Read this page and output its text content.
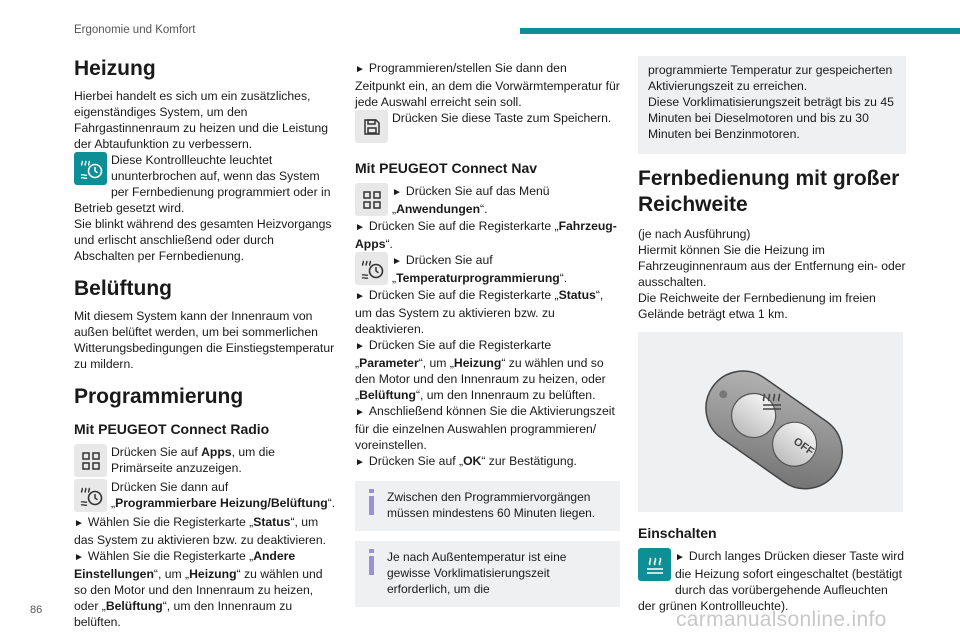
Ergonomie und Komfort
Heizung

Hierbei handelt es sich um ein zusätzliches, eigenständiges System, um den Fahrgastinnenraum zu heizen und die Leistung der Abtaufunktion zu verbessern.

Diese Kontrollleuchte leuchtet ununterbrochen auf, wenn das System per Fernbedienung programmiert oder in Betrieb gesetzt wird.

Sie blinkt während des gesamten Heizvorgangs und erlischt anschließend oder durch Abschalten per Fernbedienung.

Belüftung

Mit diesem System kann der Innenraum von außen belüftet werden, um bei sommerlichen Witterungsbedingungen die Einstiegstemperatur zu mildern.

Programmierung
Mit PEUGEOT Connect Radio

Drücken Sie auf Apps, um die Primärseite anzuzeigen.

Drücken Sie dann auf „Programmierbare Heizung/Belüftung“.

► Wählen Sie die Registerkarte „Status“, um das System zu aktivieren bzw. zu deaktivieren.

► Wählen Sie die Registerkarte „Andere Einstellungen“, um „Heizung“ zu wählen und so den Motor und den Innenraum zu heizen, oder „Belüftung“, um den Innenraum zu belüften.

► Programmieren/stellen Sie dann den Zeitpunkt ein, an dem die Vorwärmtemperatur für jede Auswahl erreicht sein soll.

Drücken Sie diese Taste zum Speichern.

Mit PEUGEOT Connect Nav

► Drücken Sie auf das Menü „Anwendungen“.

► Drücken Sie auf die Registerkarte „Fahrzeug-Apps“.

► Drücken Sie auf „Temperaturprogrammierung“.

► Drücken Sie auf die Registerkarte „Status“, um das System zu aktivieren bzw. zu deaktivieren.

► Drücken Sie auf die Registerkarte „Parameter“, um „Heizung“ zu wählen und so den Motor und den Innenraum zu heizen, oder „Belüftung“, um den Innenraum zu belüften.

► Anschließend können Sie die Aktivierungszeit für die einzelnen Auswahlen programmieren/ voreinstellen.

► Drücken Sie auf „OK“ zur Bestätigung.

Zwischen den Programmiervorgängen müssen mindestens 60 Minuten liegen.

Je nach Außentemperatur ist eine gewisse Vorklimatisierungszeit erforderlich, um die

programmierte Temperatur zur gespeicherten Aktivierungszeit zu erreichen.

Diese Vorklimatisierungszeit beträgt bis zu 45 Minuten bei Dieselmotoren und bis zu 30 Minuten bei Benzinmotoren.

Fernbedienung mit großer Reichweite

(je nach Ausführung)

Hiermit können Sie die Heizung im Fahrzeuginnenraum aus der Entfernung ein- oder ausschalten.

Die Reichweite der Fernbedienung im freien Gelände beträgt etwa 1 km.

OFF
Einschalten

► Durch langes Drücken dieser Taste wird die Heizung sofort eingeschaltet (bestätigt durch das vorübergehende Aufleuchten der grünen Kontrollleuchte).

86	carmanualsonline.info
